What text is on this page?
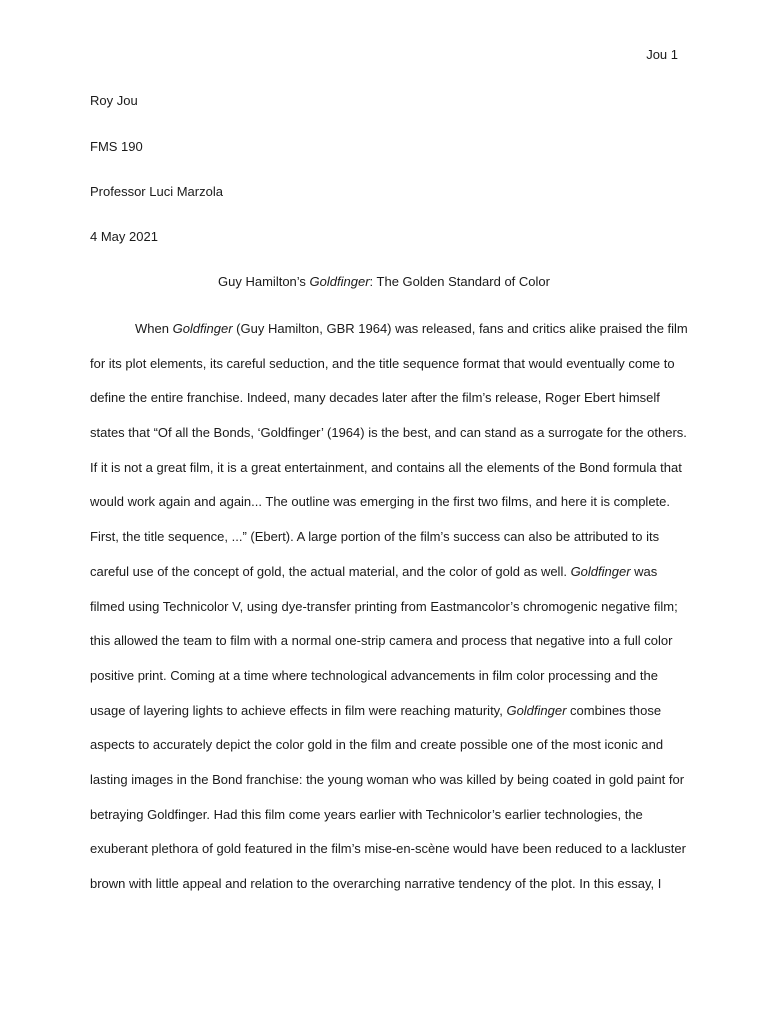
Jou 1
Roy Jou
FMS 190
Professor Luci Marzola
4 May 2021
Guy Hamilton’s Goldfinger: The Golden Standard of Color
When Goldfinger (Guy Hamilton, GBR 1964) was released, fans and critics alike praised the film
for its plot elements, its careful seduction, and the title sequence format that would eventually come to
define the entire franchise. Indeed, many decades later after the film’s release, Roger Ebert himself
states that “Of all the Bonds, ‘Goldfinger’ (1964) is the best, and can stand as a surrogate for the others.
If it is not a great film, it is a great entertainment, and contains all the elements of the Bond formula that
would work again and again... The outline was emerging in the first two films, and here it is complete.
First, the title sequence, ...” (Ebert). A large portion of the film’s success can also be attributed to its
careful use of the concept of gold, the actual material, and the color of gold as well. Goldfinger was
filmed using Technicolor V, using dye-transfer printing from Eastmancolor’s chromogenic negative film;
this allowed the team to film with a normal one-strip camera and process that negative into a full color
positive print. Coming at a time where technological advancements in film color processing and the
usage of layering lights to achieve effects in film were reaching maturity, Goldfinger combines those
aspects to accurately depict the color gold in the film and create possible one of the most iconic and
lasting images in the Bond franchise: the young woman who was killed by being coated in gold paint for
betraying Goldfinger. Had this film come years earlier with Technicolor’s earlier technologies, the
exuberant plethora of gold featured in the film’s mise-en-scène would have been reduced to a lackluster
brown with little appeal and relation to the overarching narrative tendency of the plot. In this essay, I
